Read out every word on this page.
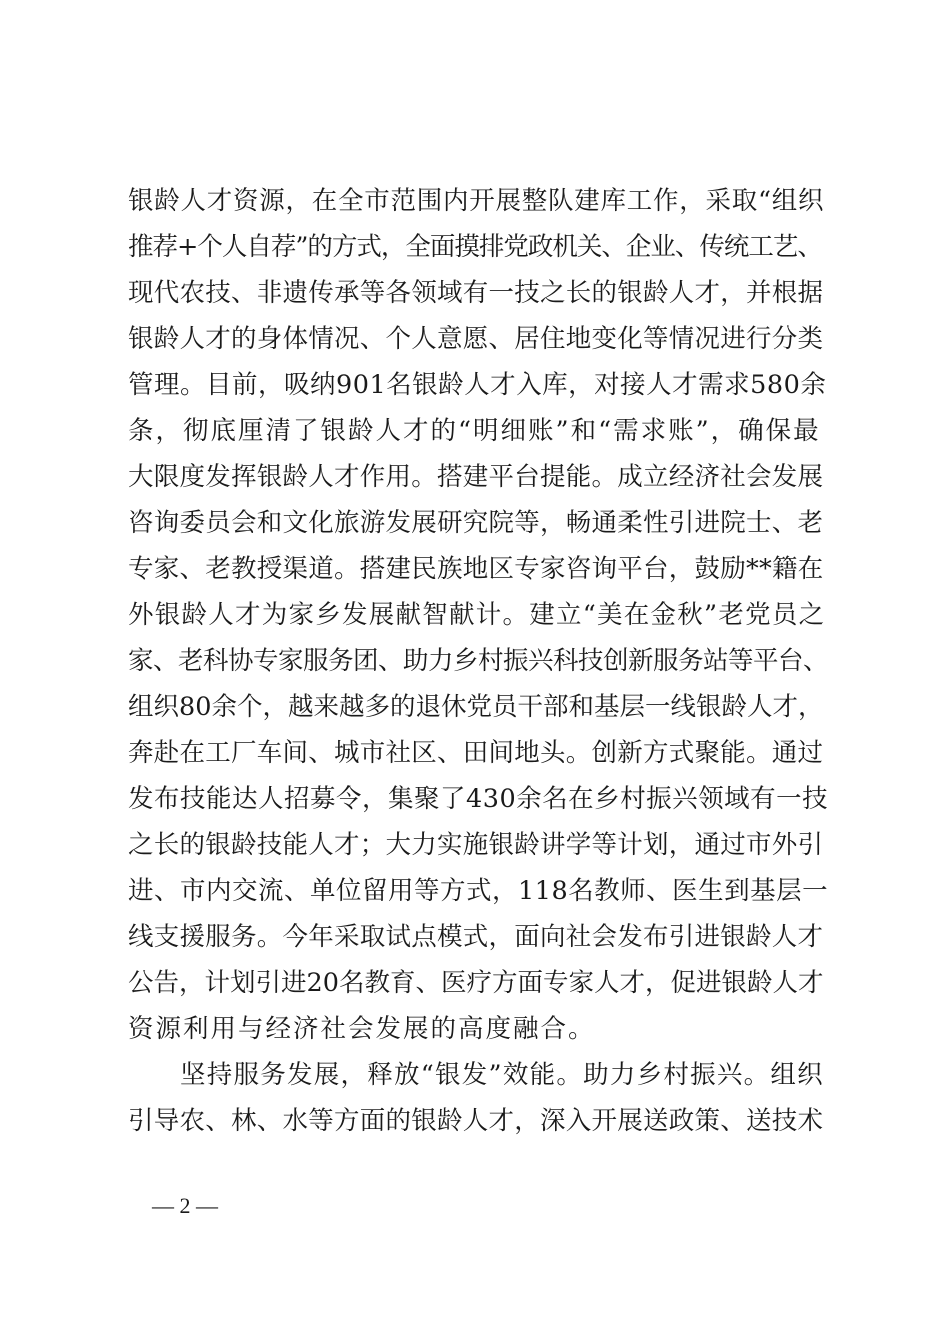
银龄人才资源，在全市范围内开展整队建库工作，采取“组织
推荐+个人自荐”的方式，全面摸排党政机关、企业、传统工艺、
现代农技、非遗传承等各领域有一技之长的银龄人才，并根据
银龄人才的身体情况、个人意愿、居住地变化等情况进行分类
管理。目前，吸纳901名银龄人才入库，对接人才需求580余
条，彻底厘清了银龄人才的“明细账”和“需求账”，确保最
大限度发挥银龄人才作用。搭建平台提能。成立经济社会发展
咨询委员会和文化旅游发展研究院等，畅通柔性引进院士、老
专家、老教授渠道。搭建民族地区专家咨询平台，鼓励**籍在
外银龄人才为家乡发展献智献计。建立“美在金秋”老党员之
家、老科协专家服务团、助力乡村振兴科技创新服务站等平台、
组织80余个，越来越多的退休党员干部和基层一线银龄人才，
奔赴在工厂车间、城市社区、田间地头。创新方式聚能。通过
发布技能达人招募令，集聚了430余名在乡村振兴领域有一技
之长的银龄技能人才；大力实施银龄讲学等计划，通过市外引
进、市内交流、单位留用等方式，118名教师、医生到基层一
线支援服务。今年采取试点模式，面向社会发布引进银龄人才
公告，计划引进20名教育、医疗方面专家人才，促进银龄人才
资源利用与经济社会发展的高度融合。
坚持服务发展，释放“银发”效能。助力乡村振兴。组织
引导农、林、水等方面的银龄人才，深入开展送政策、送技术
— 2 —
